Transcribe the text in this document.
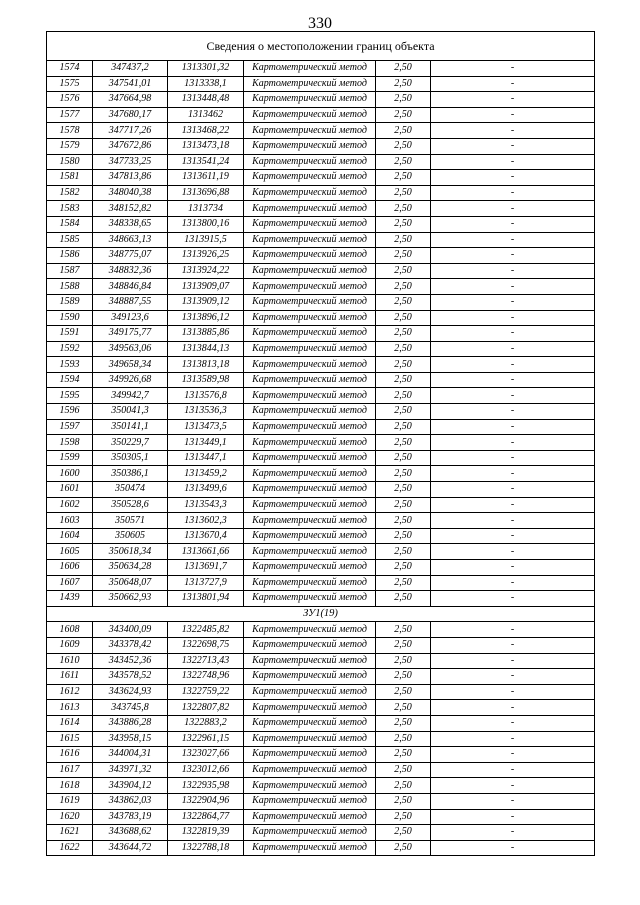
330
Сведения о местоположении границ объекта					
1574	347437,2	1313301,32	Картометрический метод	2,50	-
1575	347541,01	1313338,1	Картометрический метод	2,50	-
1576	347664,98	1313448,48	Картометрический метод	2,50	-
1577	347680,17	1313462	Картометрический метод	2,50	-
1578	347717,26	1313468,22	Картометрический метод	2,50	-
1579	347672,86	1313473,18	Картометрический метод	2,50	-
1580	347733,25	1313541,24	Картометрический метод	2,50	-
1581	347813,86	1313611,19	Картометрический метод	2,50	-
1582	348040,38	1313696,88	Картометрический метод	2,50	-
1583	348152,82	1313734	Картометрический метод	2,50	-
1584	348338,65	1313800,16	Картометрический метод	2,50	-
1585	348663,13	1313915,5	Картометрический метод	2,50	-
1586	348775,07	1313926,25	Картометрический метод	2,50	-
1587	348832,36	1313924,22	Картометрический метод	2,50	-
1588	348846,84	1313909,07	Картометрический метод	2,50	-
1589	348887,55	1313909,12	Картометрический метод	2,50	-
1590	349123,6	1313896,12	Картометрический метод	2,50	-
1591	349175,77	1313885,86	Картометрический метод	2,50	-
1592	349563,06	1313844,13	Картометрический метод	2,50	-
1593	349658,34	1313813,18	Картометрический метод	2,50	-
1594	349926,68	1313589,98	Картометрический метод	2,50	-
1595	349942,7	1313576,8	Картометрический метод	2,50	-
1596	350041,3	1313536,3	Картометрический метод	2,50	-
1597	350141,1	1313473,5	Картометрический метод	2,50	-
1598	350229,7	1313449,1	Картометрический метод	2,50	-
1599	350305,1	1313447,1	Картометрический метод	2,50	-
1600	350386,1	1313459,2	Картометрический метод	2,50	-
1601	350474	1313499,6	Картометрический метод	2,50	-
1602	350528,6	1313543,3	Картометрический метод	2,50	-
1603	350571	1313602,3	Картометрический метод	2,50	-
1604	350605	1313670,4	Картометрический метод	2,50	-
1605	350618,34	1313661,66	Картометрический метод	2,50	-
1606	350634,28	1313691,7	Картометрический метод	2,50	-
1607	350648,07	1313727,9	Картометрический метод	2,50	-
1439	350662,93	1313801,94	Картометрический метод	2,50	-
ЗУ1(19)					
1608	343400,09	1322485,82	Картометрический метод	2,50	-
1609	343378,42	1322698,75	Картометрический метод	2,50	-
1610	343452,36	1322713,43	Картометрический метод	2,50	-
1611	343578,52	1322748,96	Картометрический метод	2,50	-
1612	343624,93	1322759,22	Картометрический метод	2,50	-
1613	343745,8	1322807,82	Картометрический метод	2,50	-
1614	343886,28	1322883,2	Картометрический метод	2,50	-
1615	343958,15	1322961,15	Картометрический метод	2,50	-
1616	344004,31	1323027,66	Картометрический метод	2,50	-
1617	343971,32	1323012,66	Картометрический метод	2,50	-
1618	343904,12	1322935,98	Картометрический метод	2,50	-
1619	343862,03	1322904,96	Картометрический метод	2,50	-
1620	343783,19	1322864,77	Картометрический метод	2,50	-
1621	343688,62	1322819,39	Картометрический метод	2,50	-
1622	343644,72	1322788,18	Картометрический метод	2,50	-
